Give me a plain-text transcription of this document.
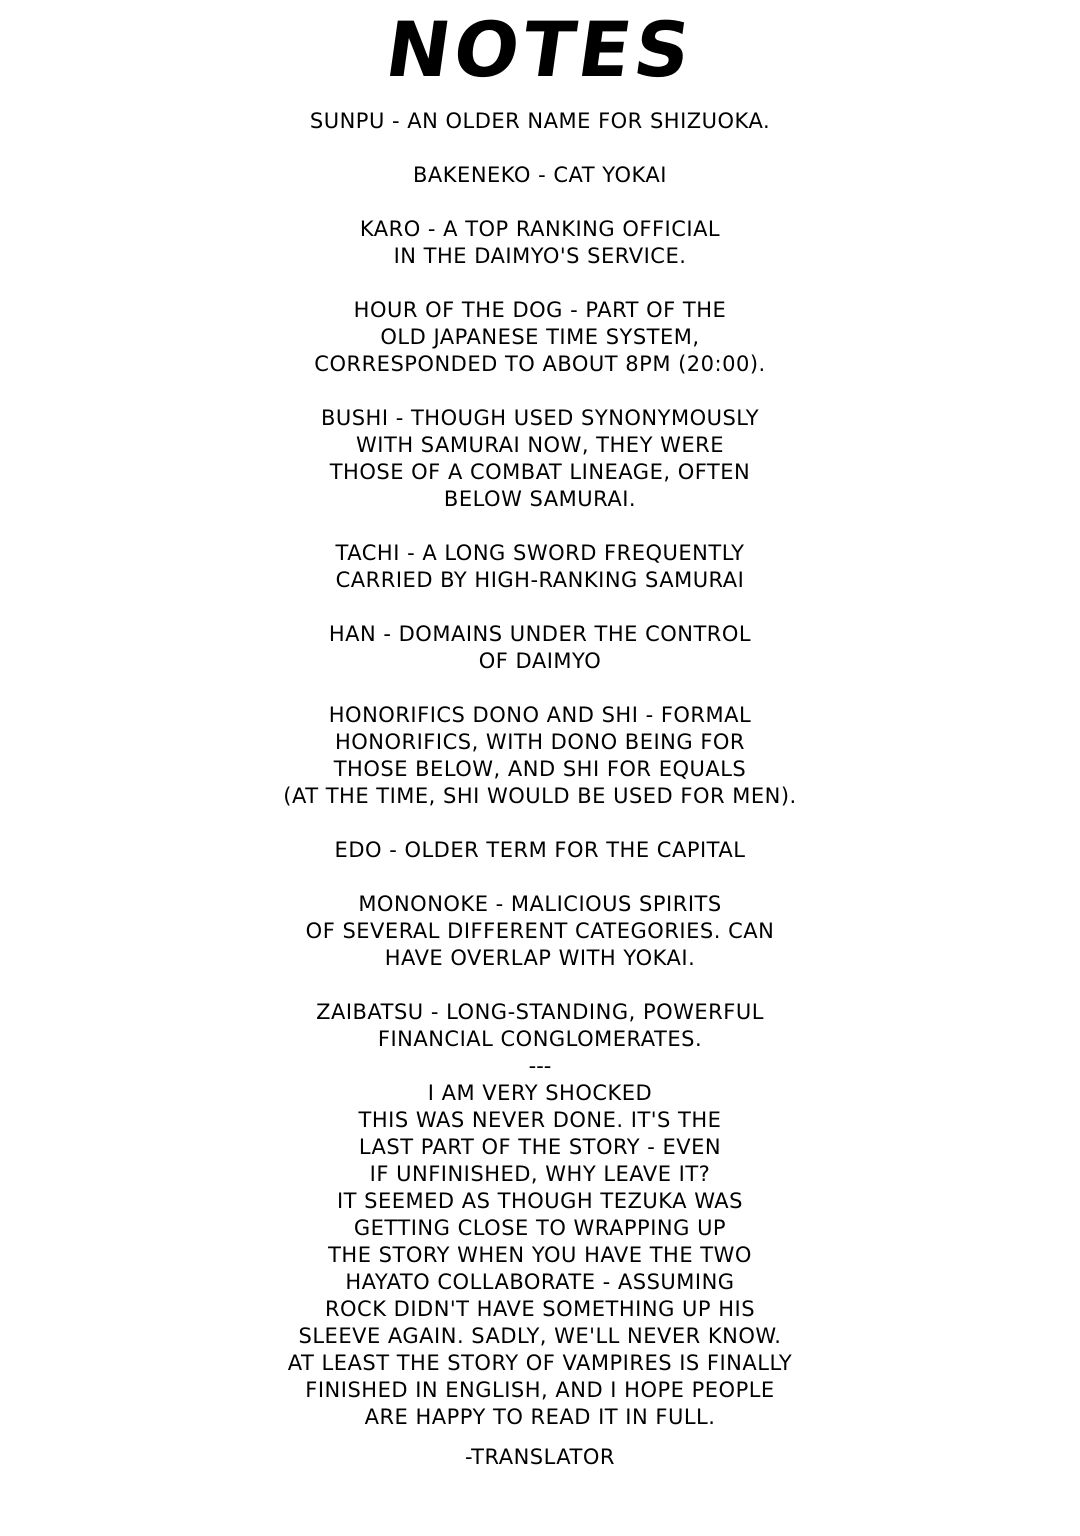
NOTES
SUNPU - AN OLDER NAME FOR SHIZUOKA.
BAKENEKO - CAT YOKAI
KARO - A TOP RANKING OFFICIAL
IN THE DAIMYO'S SERVICE.
HOUR OF THE DOG - PART OF THE
OLD JAPANESE TIME SYSTEM,
CORRESPONDED TO ABOUT 8PM (20:00).
BUSHI - THOUGH USED SYNONYMOUSLY
WITH SAMURAI NOW, THEY WERE
THOSE OF A COMBAT LINEAGE, OFTEN
BELOW SAMURAI.
TACHI - A LONG SWORD FREQUENTLY
CARRIED BY HIGH-RANKING SAMURAI
HAN - DOMAINS UNDER THE CONTROL
OF DAIMYO
HONORIFICS DONO AND SHI - FORMAL
HONORIFICS, WITH DONO BEING FOR
THOSE BELOW, AND SHI FOR EQUALS
(AT THE TIME, SHI WOULD BE USED FOR MEN).
EDO - OLDER TERM FOR THE CAPITAL
MONONOKE - MALICIOUS SPIRITS
OF SEVERAL DIFFERENT CATEGORIES. CAN
HAVE OVERLAP WITH YOKAI.
ZAIBATSU - LONG-STANDING, POWERFUL
FINANCIAL CONGLOMERATES.
---
I AM VERY SHOCKED
THIS WAS NEVER DONE. IT'S THE
LAST PART OF THE STORY - EVEN
IF UNFINISHED, WHY LEAVE IT?
IT SEEMED AS THOUGH TEZUKA WAS
GETTING CLOSE TO WRAPPING UP
THE STORY WHEN YOU HAVE THE TWO
HAYATO COLLABORATE - ASSUMING
ROCK DIDN'T HAVE SOMETHING UP HIS
SLEEVE AGAIN. SADLY, WE'LL NEVER KNOW.
AT LEAST THE STORY OF VAMPIRES IS FINALLY
FINISHED IN ENGLISH, AND I HOPE PEOPLE
ARE HAPPY TO READ IT IN FULL.
-TRANSLATOR
